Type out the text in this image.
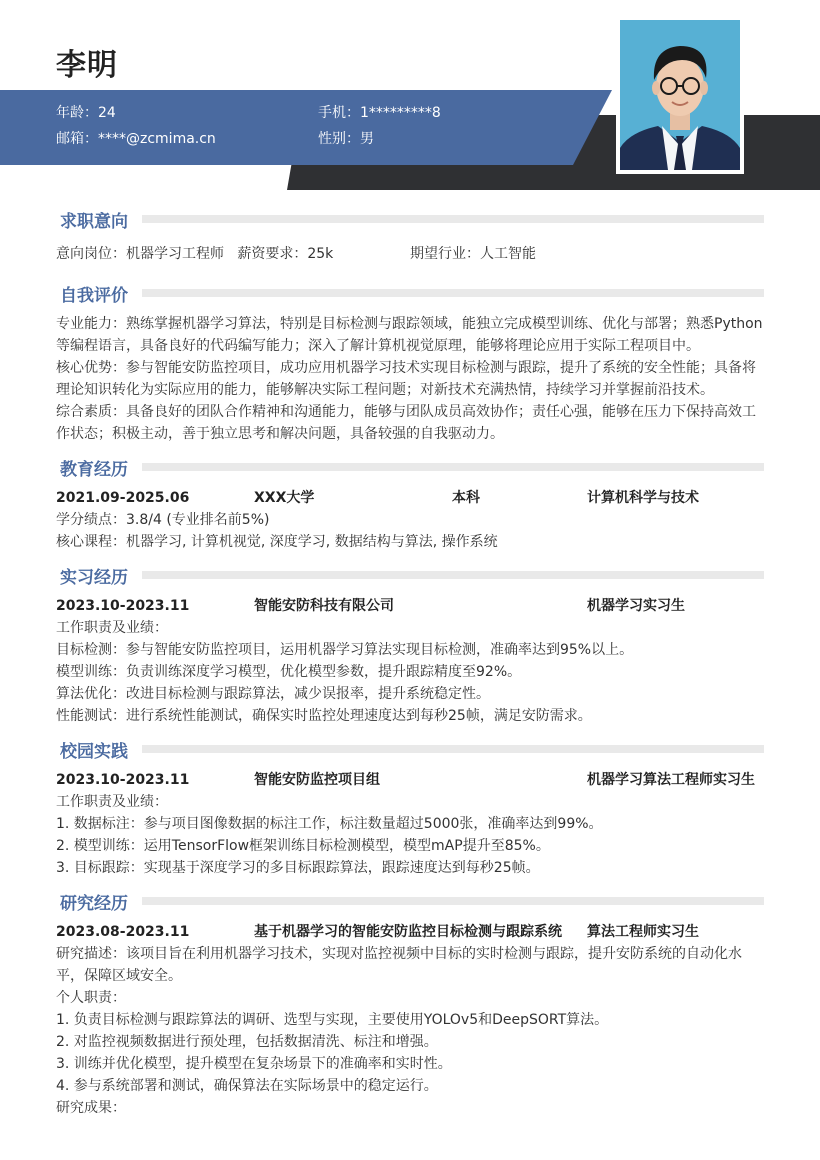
李明
年龄：24	手机：1*********8
邮箱：****@zcmima.cn	性别：男
求职意向
意向岗位：机器学习工程师   薪资要求：25k	期望行业：人工智能
自我评价
专业能力：熟练掌握机器学习算法，特别是目标检测与跟踪领域，能独立完成模型训练、优化与部署；熟悉Python
等编程语言，具备良好的代码编写能力；深入了解计算机视觉原理，能够将理论应用于实际工程项目中。
核心优势：参与智能安防监控项目，成功应用机器学习技术实现目标检测与跟踪，提升了系统的安全性能；具备将
理论知识转化为实际应用的能力，能够解决实际工程问题；对新技术充满热情，持续学习并掌握前沿技术。
综合素质：具备良好的团队合作精神和沟通能力，能够与团队成员高效协作；责任心强，能够在压力下保持高效工
作状态；积极主动，善于独立思考和解决问题，具备较强的自我驱动力。
教育经历
2021.09-2025.06	XXX大学	本科	计算机科学与技术
学分绩点：3.8/4 (专业排名前5%)
核心课程：机器学习, 计算机视觉, 深度学习, 数据结构与算法, 操作系统
实习经历
2023.10-2023.11	智能安防科技有限公司	机器学习实习生
工作职责及业绩：
目标检测：参与智能安防监控项目，运用机器学习算法实现目标检测，准确率达到95%以上。
模型训练：负责训练深度学习模型，优化模型参数，提升跟踪精度至92%。
算法优化：改进目标检测与跟踪算法，减少误报率，提升系统稳定性。
性能测试：进行系统性能测试，确保实时监控处理速度达到每秒25帧，满足安防需求。
校园实践
2023.10-2023.11	智能安防监控项目组	机器学习算法工程师实习生
工作职责及业绩：
1. 数据标注：参与项目图像数据的标注工作，标注数量超过5000张，准确率达到99%。
2. 模型训练：运用TensorFlow框架训练目标检测模型，模型mAP提升至85%。
3. 目标跟踪：实现基于深度学习的多目标跟踪算法，跟踪速度达到每秒25帧。
研究经历
2023.08-2023.11	基于机器学习的智能安防监控目标检测与跟踪系统	算法工程师实习生
研究描述：该项目旨在利用机器学习技术，实现对监控视频中目标的实时检测与跟踪，提升安防系统的自动化水
平，保障区域安全。
个人职责：
1. 负责目标检测与跟踪算法的调研、选型与实现，主要使用YOLOv5和DeepSORT算法。
2. 对监控视频数据进行预处理，包括数据清洗、标注和增强。
3. 训练并优化模型，提升模型在复杂场景下的准确率和实时性。
4. 参与系统部署和测试，确保算法在实际场景中的稳定运行。
研究成果：
